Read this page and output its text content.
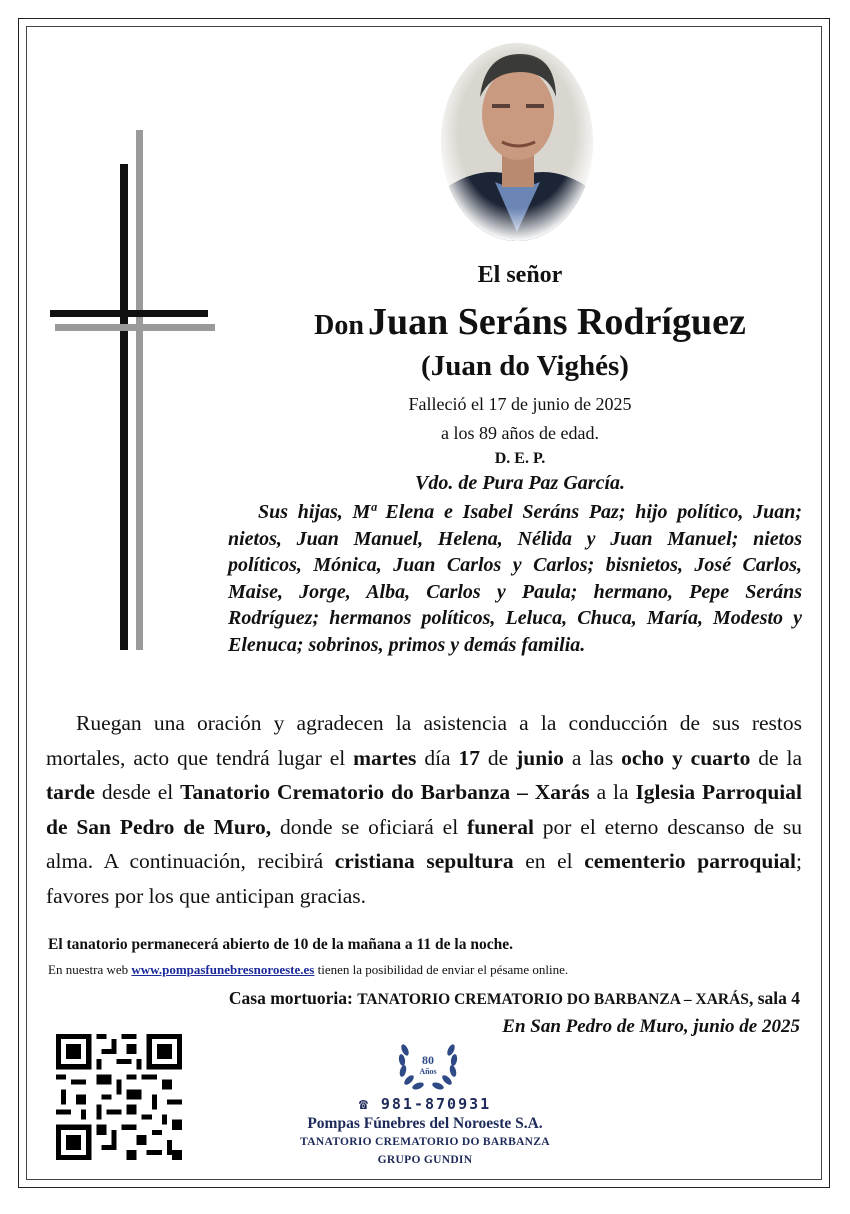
El señor
Don Juan Seráns Rodríguez
(Juan do Vighés)
Falleció el 17 de junio de 2025
a los 89 años de edad.
D. E. P.
Vdo. de Pura Paz García.
Sus hijas, Mª Elena e Isabel Seráns Paz; hijo político, Juan; nietos, Juan Manuel, Helena, Nélida y Juan Manuel; nietos políticos, Mónica, Juan Carlos y Carlos; bisnietos, José Carlos, Maise, Jorge, Alba, Carlos y Paula; hermano, Pepe Seráns Rodríguez; hermanos políticos, Leluca, Chuca, María, Modesto y Elenuca; sobrinos, primos y demás familia.
Ruegan una oración y agradecen la asistencia a la conducción de sus restos mortales, acto que tendrá lugar el martes día 17 de junio a las ocho y cuarto de la tarde desde el Tanatorio Crematorio do Barbanza – Xarás a la Iglesia Parroquial de San Pedro de Muro, donde se oficiará el funeral por el eterno descanso de su alma. A continuación, recibirá cristiana sepultura en el cementerio parroquial; favores por los que anticipan gracias.
El tanatorio permanecerá abierto de 10 de la mañana a 11 de la noche.
En nuestra web www.pompasfunebresnoroeste.es tienen la posibilidad de enviar el pésame online.
Casa mortuoria: TANATORIO CREMATORIO DO BARBANZA – XARÁS, sala 4
En San Pedro de Muro, junio de 2025
80
Años
☎ 981-870931
Pompas Fúnebres del Noroeste S.A.
TANATORIO CREMATORIO DO BARBANZA
GRUPO GUNDIN
